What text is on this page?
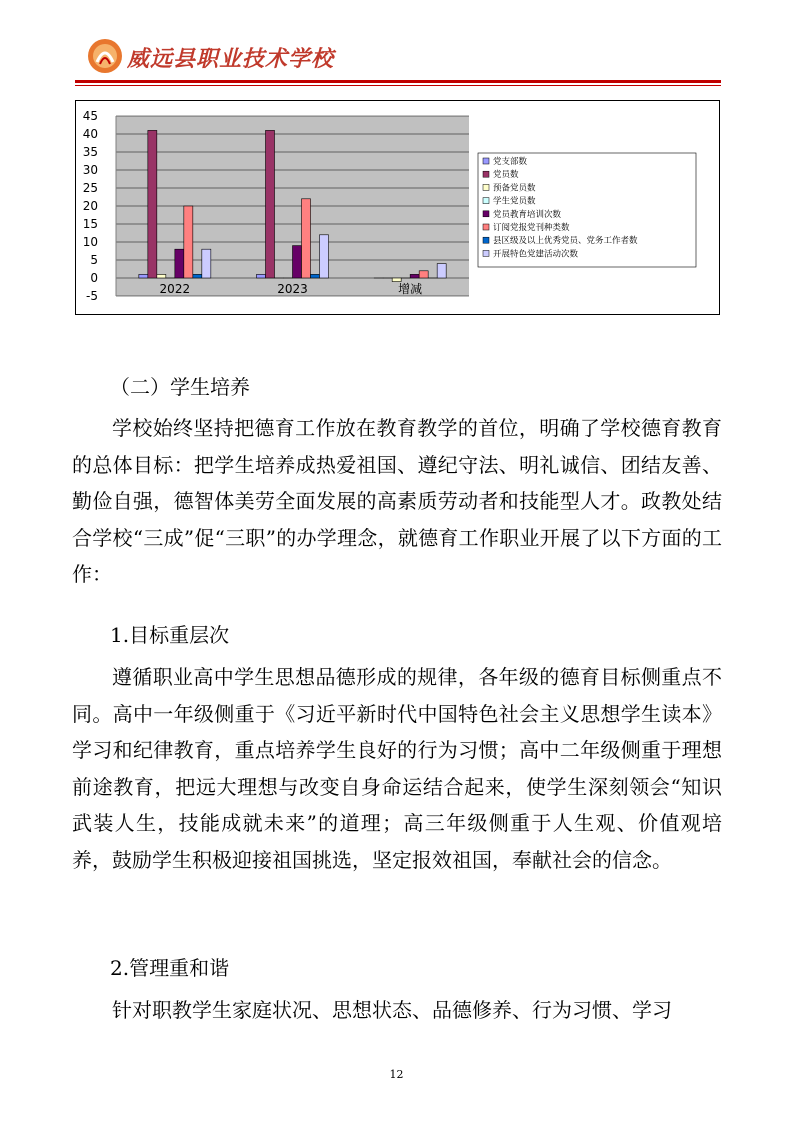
威远县职业技术学校
-5
0
5
10
15
20
25
30
35
40
45
2022	2023	增减
党支部数
党员数
预备党员数
学生党员数
党员教育培训次数
订阅党报党刊种类数
县区级及以上优秀党员、党务工作者数
开展特色党建活动次数
（二）学生培养
学校始终坚持把德育工作放在教育教学的首位，明确了学校德育教育的总体目标：把学生培养成热爱祖国、遵纪守法、明礼诚信、团结友善、勤俭自强，德智体美劳全面发展的高素质劳动者和技能型人才。政教处结合学校“三成”促“三职”的办学理念，就德育工作职业开展了以下方面的工作：
1.目标重层次
遵循职业高中学生思想品德形成的规律，各年级的德育目标侧重点不同。高中一年级侧重于《习近平新时代中国特色社会主义思想学生读本》学习和纪律教育，重点培养学生良好的行为习惯；高中二年级侧重于理想前途教育，把远大理想与改变自身命运结合起来，使学生深刻领会“知识武装人生，技能成就未来”的道理；高三年级侧重于人生观、价值观培养，鼓励学生积极迎接祖国挑选，坚定报效祖国，奉献社会的信念。
2.管理重和谐
针对职教学生家庭状况、思想状态、品德修养、行为习惯、学习
12
